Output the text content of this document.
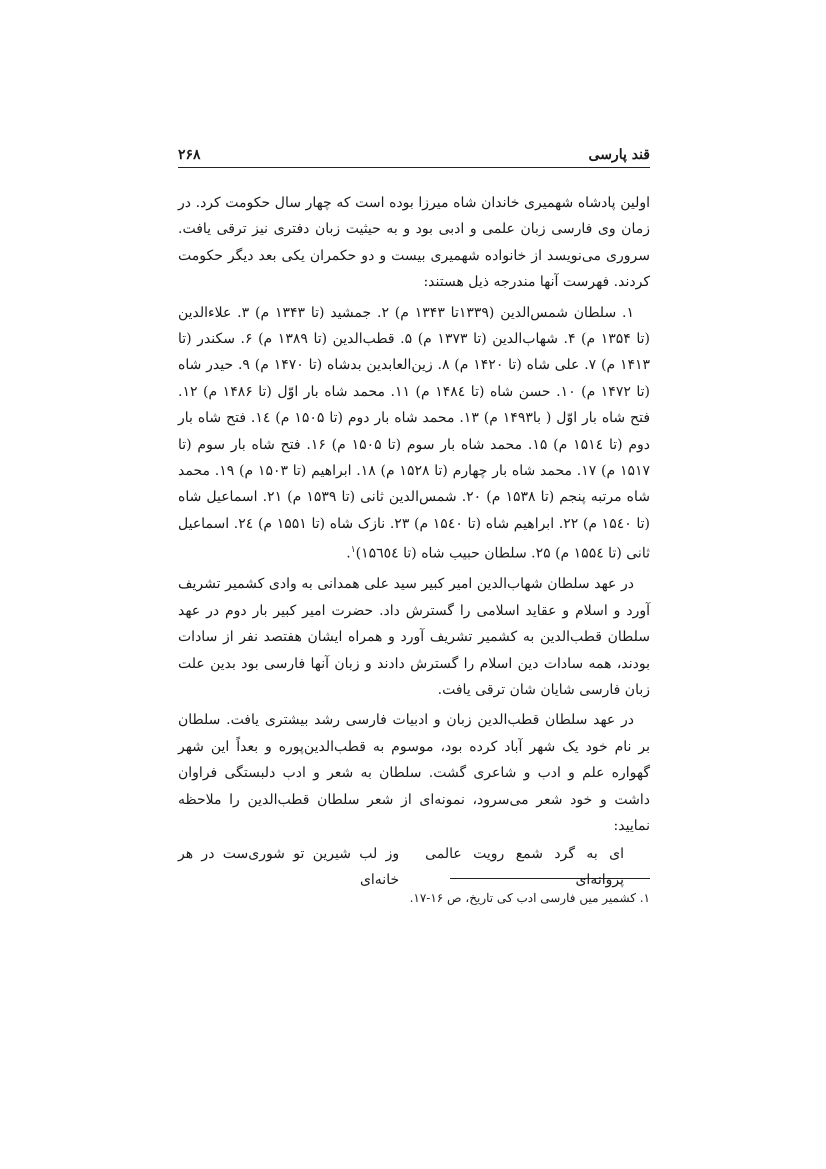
قند پارسی
۲۶۸

اولین پادشاه شهمیری خاندان شاه میرزا بوده است که چهار سال حکومت کرد. در زمان وی فارسی زبان علمی و ادبی بود و به حیثیت زبان دفتری نیز ترقی یافت. سروری می‌نویسد از خانواده شهمیری بیست و دو حکمران یکی بعد دیگر حکومت کردند. فهرست آنها مندرجه ذیل هستند:

۱. سلطان شمس‌الدین (۱۳۳۹تا ۱۳۴۳ م) ۲. جمشید (تا ۱۳۴۳ م) ۳. علاء‌الدین (تا ۱۳۵۴ م) ۴. شهاب‌الدین (تا ۱۳۷۳ م) ۵. قطب‌الدین (تا ۱۳۸۹ م) ۶. سکندر (تا ۱۴۱۳ م) ۷. علی شاه (تا ۱۴۲۰ م) ۸. زین‌العابدین بدشاه (تا ۱۴۷۰ م) ۹. حیدر شاه (تا ۱۴۷۲ م) ۱۰. حسن شاه (تا ۱۴۸٤ م) ۱۱. محمد شاه بار اوّل (تا ۱۴۸۶ م) ۱۲. فتح شاه بار اوّل ( با۱۴۹۳ م) ۱۳. محمد شاه بار دوم (تا ۱۵۰۵ م) ۱٤. فتح شاه بار دوم (تا ۱۵۱٤ م) ۱۵. محمد شاه بار سوم (تا ۱۵۰۵ م) ۱۶. فتح شاه بار سوم (تا ۱۵۱۷ م) ۱۷. محمد شاه بار چهارم (تا ۱۵۲۸ م) ۱۸. ابراهیم (تا ۱۵۰۳ م) ۱۹. محمد شاه مرتبه پنجم (تا ۱۵۳۸ م) ۲۰. شمس‌الدین ثانی (تا ۱۵۳۹ م) ۲۱. اسماعیل شاه (تا ۱۵٤۰ م) ۲۲. ابراهیم شاه (تا ۱۵٤۰ م) ۲۳. نازک شاه (تا ۱۵۵۱ م) ۲٤. اسماعیل ثانی (تا ۱۵۵٤ م) ۲۵. سلطان حبیب شاه (تا ۱۵٦٥٤)$^۱$.

در عهد سلطان شهاب‌الدین امیر کبیر سید علی همدانی به وادی کشمیر تشریف آورد و اسلام و عقاید اسلامی را گسترش داد. حضرت امیر کبیر بار دوم در عهد سلطان قطب‌الدین به کشمیر تشریف آورد و همراه ایشان هفتصد نفر از سادات بودند، همه سادات دین اسلام را گسترش دادند و زبان آنها فارسی بود بدین علت زبان فارسی شایان شان ترقی یافت.

در عهد سلطان قطب‌الدین زبان و ادبیات فارسی رشد بیشتری یافت. سلطان بر نام خود یک شهر آباد کرده بود، موسوم به قطب‌الدین‌پوره و بعداً این شهر گهواره علم و ادب و شاعری گشت. سلطان به شعر و ادب دلبستگی فراوان داشت و خود شعر می‌سرود، نمونه‌ای از شعر سلطان قطب‌الدین را ملاحظه نمایید:

ای به گرد شمع رویت عالمی پروانه‌ای
وز لب شیرین تو شوری‌ست در هر خانه‌ای
۱. کشمیر میں فارسی ادب کی تاریخ، ص ۱۶-۱۷.
